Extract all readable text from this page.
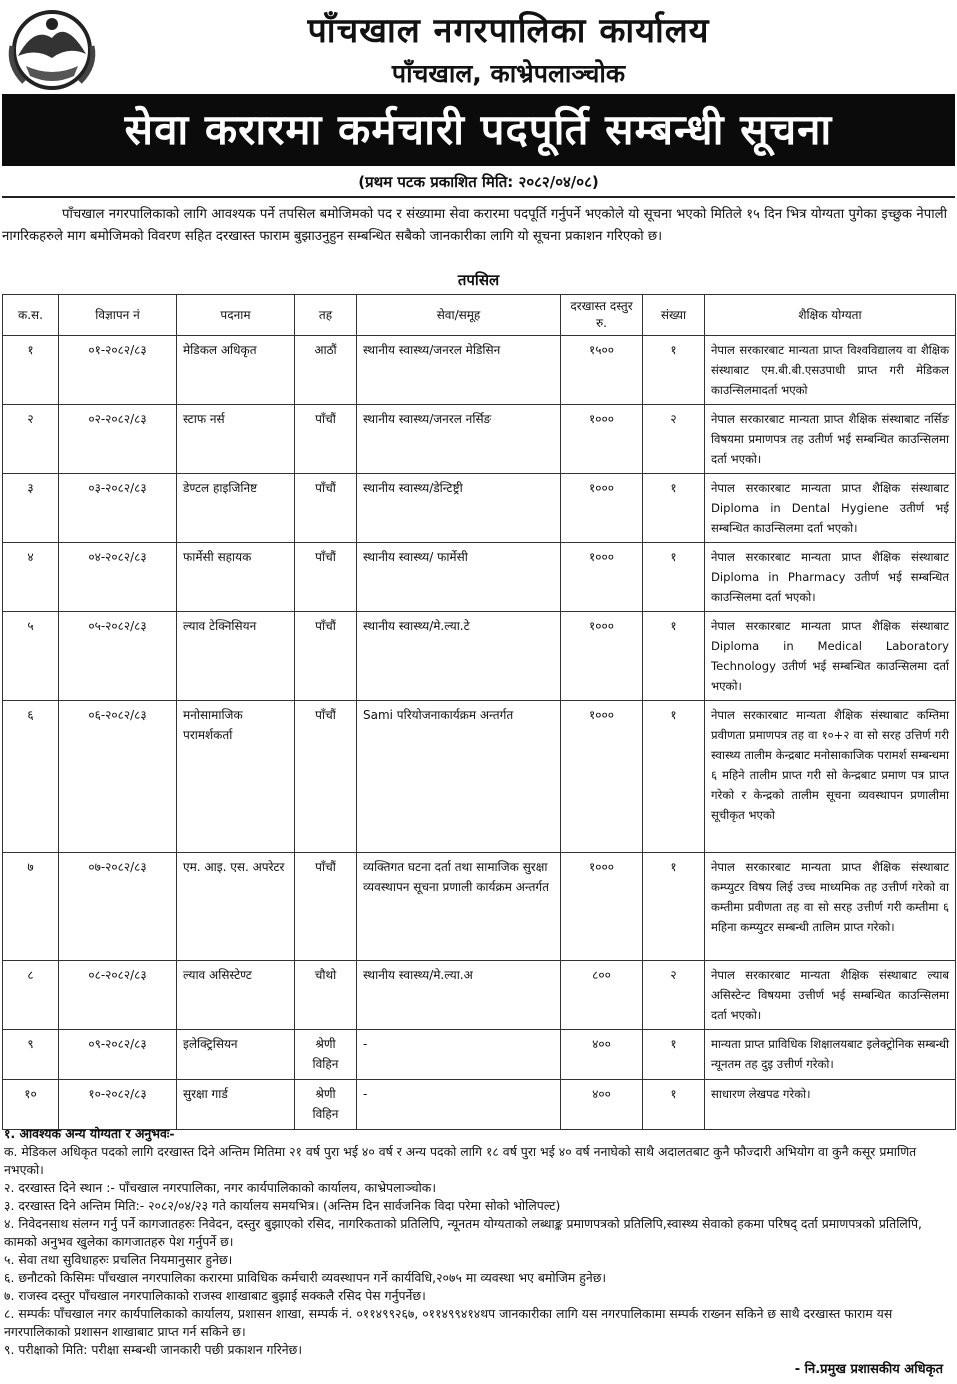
पाँचखाल नगरपालिका कार्यालय
पाँचखाल, काभ्रेपलाञ्चोक
सेवा करारमा कर्मचारी पदपूर्ति सम्बन्धी सूचना
(प्रथम पटक प्रकाशित मिति: २०८२/०४/०८)
पाँचखाल नगरपालिकाको लागि आवश्यक पर्ने तपसिल बमोजिमको पद र संख्यामा सेवा करारमा पदपूर्ति गर्नुपर्ने भएकोले यो सूचना भएको मितिले १५ दिन भित्र योग्यता पुगेका इच्छुक नेपाली नागरिकहरुले माग बमोजिमको विवरण सहित दरखास्त फाराम बुझाउनुहुन सम्बन्धित सबैको जानकारीका लागि यो सूचना प्रकाशन गरिएको छ।
तपसिल
क.स.	विज्ञापन नं	पदनाम	तह	सेवा/समूह	दरखास्त दस्तुर रु.	संख्या	शैक्षिक योग्यता
१	०१-२०८२/८३	मेडिकल अधिकृत	आठौं	स्थानीय स्वास्थ्य/जनरल मेडिसिन	१५००	१	नेपाल सरकारबाट मान्यता प्राप्त विश्वविद्यालय वा शैक्षिक संस्थाबाट एम.बी.बी.एसउपाधी प्राप्त गरी मेडिकल काउन्सिलमादर्ता भएको
२	०२-२०८२/८३	स्टाफ नर्स	पाँचौं	स्थानीय स्वास्थ्य/जनरल नर्सिङ	१०००	२	नेपाल सरकारबाट मान्यता प्राप्त शैक्षिक संस्थाबाट नर्सिङ विषयमा प्रमाणपत्र तह उतीर्ण भई सम्बन्धित काउन्सिलमा दर्ता भएको।
३	०३-२०८२/८३	डेण्टल हाइजिनिष्ट	पाँचौं	स्थानीय स्वास्थ्य/डेन्टिष्ट्री	१०००	१	नेपाल सरकारबाट मान्यता प्राप्त शैक्षिक संस्थाबाट Diploma in Dental Hygiene उतीर्ण भई सम्बन्धित काउन्सिलमा दर्ता भएको।
४	०४-२०८२/८३	फार्मेसी सहायक	पाँचौं	स्थानीय स्वास्थ्य/ फार्मेसी	१०००	१	नेपाल सरकारबाट मान्यता प्राप्त शैक्षिक संस्थाबाट Diploma in Pharmacy उतीर्ण भई सम्बन्धित काउन्सिलमा दर्ता भएको।
५	०५-२०८२/८३	ल्याव टेक्निसियन	पाँचौं	स्थानीय स्वास्थ्य/मे.ल्या.टे	१०००	१	नेपाल सरकारबाट मान्यता प्राप्त शैक्षिक संस्थाबाट Diploma in Medical Laboratory Technology उतीर्ण भई सम्बन्धित काउन्सिलमा दर्ता भएको।
६	०६-२०८२/८३	मनोसामाजिक परामर्शकर्ता	पाँचौं	Sami परियोजनाकार्यक्रम अन्तर्गत	१०००	१	नेपाल सरकारबाट मान्यता शैक्षिक संस्थाबाट कम्तिमा प्रवीणता प्रमाणपत्र तह वा १०+२ वा सो सरह उत्तिर्ण गरी स्वास्थ्य तालीम केन्द्रबाट मनोसाकाजिक परामर्श सम्बन्धमा ६ महिने तालीम प्राप्त गरी सो केन्द्रबाट प्रमाण पत्र प्राप्त गरेको र केन्द्रको तालीम सूचना व्यवस्थापन प्रणालीमा सूचीकृत भएको
७	०७-२०८२/८३	एम. आइ. एस. अपरेटर	पाँचौं	व्यक्तिगत घटना दर्ता तथा सामाजिक सुरक्षा व्यवस्थापन सूचना प्रणाली कार्यक्रम अन्तर्गत	१०००	१	नेपाल सरकारबाट मान्यता प्राप्त शैक्षिक संस्थाबाट कम्प्युटर विषय लिई उच्च माध्यमिक तह उत्तीर्ण गरेको वा कम्तीमा प्रवीणता तह वा सो सरह उत्तीर्ण गरी कम्तीमा ६ महिना कम्प्युटर सम्बन्धी तालिम प्राप्त गरेको।
८	०८-२०८२/८३	ल्याव असिस्टेण्ट	चौथो	स्थानीय स्वास्थ्य/मे.ल्या.अ	८००	२	नेपाल सरकारबाट मान्यता शैक्षिक संस्थाबाट ल्याब असिस्टेन्ट विषयमा उत्तीर्ण भई सम्बन्धित काउन्सिलमा दर्ता भएको।
९	०९-२०८२/८३	इलेक्ट्रिसियन	श्रेणी विहिन	-	४००	१	मान्यता प्राप्त प्राविधिक शिक्षालयबाट इलेक्ट्रोनिक सम्बन्धी न्यूनतम तह दुइ उत्तीर्ण गरेको।
१०	१०-२०८२/८३	सुरक्षा गार्ड	श्रेणी विहिन	-	४००	१	साधारण लेखपढ गरेको।

१. आवश्यक अन्य योग्यता र अनुभवः-

क. मेडिकल अधिकृत पदको लागि दरखास्त दिने अन्तिम मितिमा २१ वर्ष पुरा भई ४० वर्ष र अन्य पदको लागि १८ वर्ष पुरा भई ४० वर्ष ननाघेको साथै अदालतबाट कुनै फौज्दारी अभियोग वा कुनै कसूर प्रमाणित नभएको।

२. दरखास्त दिने स्थान :- पाँचखाल नगरपालिका, नगर कार्यपालिकाको कार्यालय, काभ्रेपलाञ्चोक।

३. दरखास्त दिने अन्तिम मिति:- २०८२/०४/२३ गते कार्यालय समयभित्र। (अन्तिम दिन सार्वजनिक विदा परेमा सोको भोलिपल्ट)

४. निवेदनसाथ संलग्न गर्नु पर्ने कागजातहरुः निवेदन, दस्तुर बुझाएको रसिद, नागरिकताको प्रतिलिपि, न्यूनतम योग्यताको लब्धाङ्क प्रमाणपत्रको प्रतिलिपि,स्वास्थ्य सेवाको हकमा परिषद् दर्ता प्रमाणपत्रको प्रतिलिपि, कामको अनुभव खुलेका कागजातहरु पेश गर्नुपर्ने छ।

५. सेवा तथा सुविधाहरुः प्रचलित नियमानुसार हुनेछ।

६. छनौटको किसिमः पाँचखाल नगरपालिका करारमा प्राविधिक कर्मचारी व्यवस्थापन गर्ने कार्यविधि,२०७५ मा व्यवस्था भए बमोजिम हुनेछ।

७. राजस्व दस्तुर पाँचखाल नगरपालिकाको राजस्व शाखाबाट बुझाई सक्कलै रसिद पेस गर्नुपर्नेछ।

८. सम्पर्कः पाँचखाल नगर कार्यपालिकाको कार्यालय, प्रशासन शाखा, सम्पर्क नं. ०११४९९२६७, ०११४९९४१४थप जानकारीका लागि यस नगरपालिकामा सम्पर्क राख्नन सकिने छ साथै दरखास्त फाराम यस नगरपालिकाको प्रशासन शाखाबाट प्राप्त गर्न सकिने छ।

९. परीक्षाको मिति: परीक्षा सम्बन्धी जानकारी पछी प्रकाशन गरिनेछ।

- नि.प्रमुख प्रशासकीय अधिकृत
